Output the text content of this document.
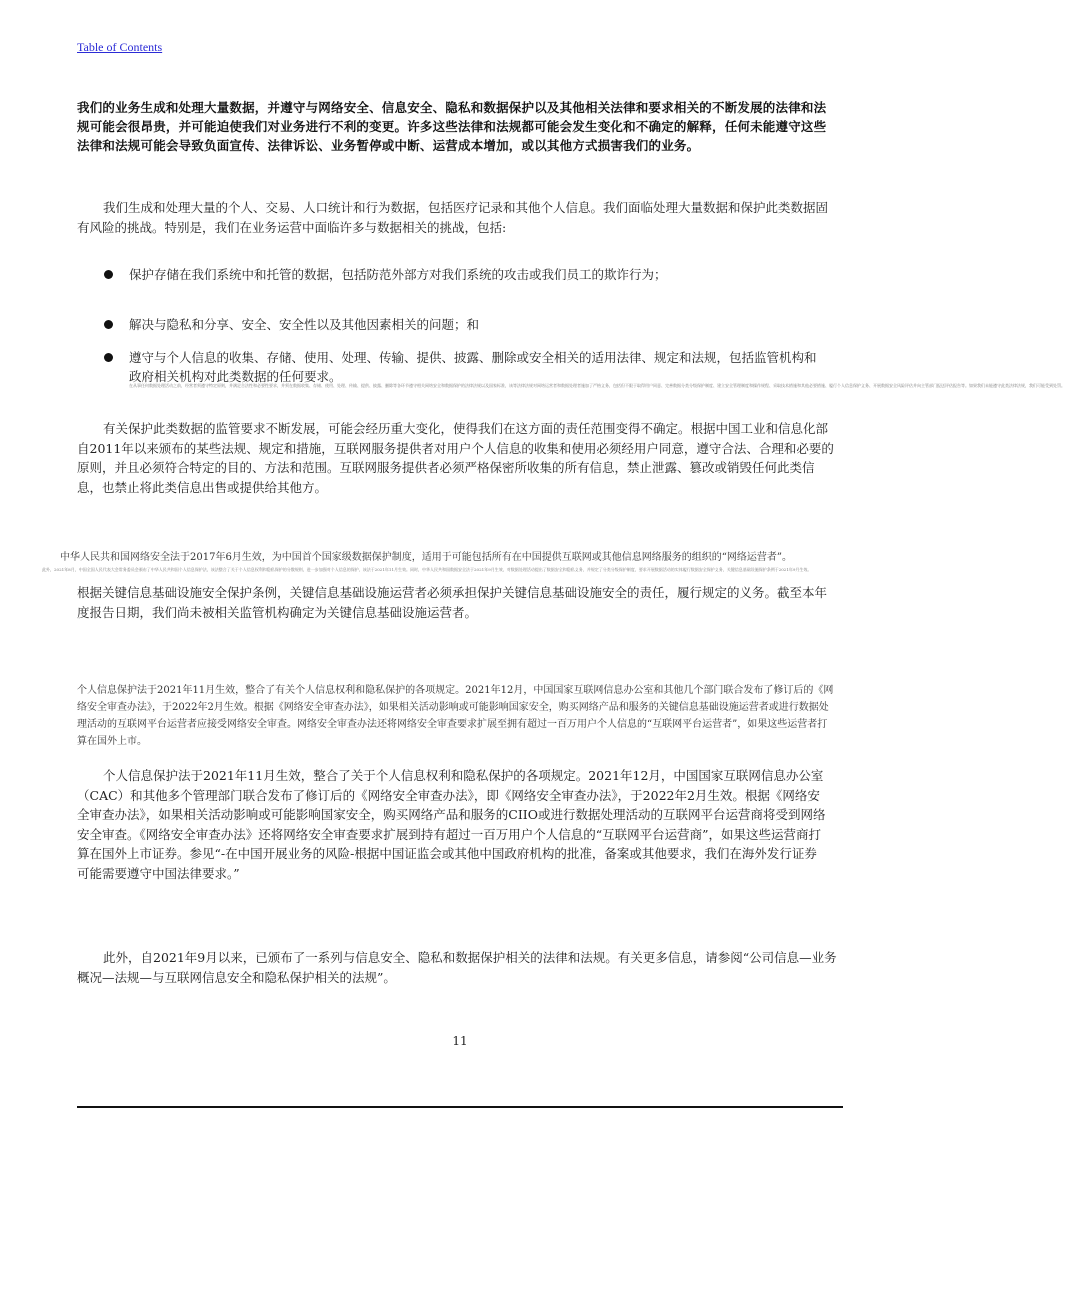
Table of Contents
我们的业务生成和处理大量数据，并遵守与网络安全、信息安全、隐私和数据保护以及其他相关法律和要求相关的不断发展的法律和法规可能会很昂贵，并可能迫使我们对业务进行不利的变更。许多这些法律和法规都可能会发生变化和不确定的解释，任何未能遵守这些法律和法规可能会导致负面宣传、法律诉讼、业务暂停或中断、运营成本增加，或以其他方式损害我们的业务。
我们生成和处理大量的个人、交易、人口统计和行为数据，包括医疗记录和其他个人信息。我们面临处理大量数据和保护此类数据固有风险的挑战。特别是，我们在业务运营中面临许多与数据相关的挑战，包括:
保护存储在我们系统中和托管的数据，包括防范外部方对我们系统的攻击或我们员工的欺诈行为；
解决与隐私和分享、安全、安全性以及其他因素相关的问题；和
遵守与个人信息的收集、存储、使用、处理、传输、提供、披露、删除或安全相关的适用法律、规定和法规，包括监管机构和政府相关机构对此类数据的任何要求。
在从事任何数据处理活动之前，经营者须遵守特定原则，并满足合法性和必要性要求，并须在数据收集、存储、使用、处理、传输、提供、披露、删除等各环节遵守相关网络安全和数据保护的法律法规以及国家标准，该等法律法规对网络运营者和数据处理者施加了严格义务，包括但不限于取得用户同意、完善数据分类分级保护制度、建立安全管理制度和操作规程、采取技术措施和其他必要措施、履行个人信息保护义务、开展数据安全风险评估并向主管部门报送评估报告等。如果我们未能遵守此类法律法规，我们可能受到处罚。
有关保护此类数据的监管要求不断发展，可能会经历重大变化，使得我们在这方面的责任范围变得不确定。根据中国工业和信息化部自2011年以来颁布的某些法规、规定和措施，互联网服务提供者对用户个人信息的收集和使用必须经用户同意，遵守合法、合理和必要的原则，并且必须符合特定的目的、方法和范围。互联网服务提供者必须严格保密所收集的所有信息，禁止泄露、篡改或销毁任何此类信息，也禁止将此类信息出售或提供给其他方。
中华人民共和国网络安全法于2017年6月生效，为中国首个国家级数据保护制度，适用于可能包括所有在中国提供互联网或其他信息网络服务的组织的“网络运营者”。
此外，2021年8月，中国全国人民代表大会常务委员会颁布了中华人民共和国个人信息保护法，该法整合了关于个人信息权利和隐私保护的分散规则，进一步加强对个人信息的保护，该法于2021年11月生效。同时，中华人民共和国数据安全法于2021年9月生效，对数据处理活动提出了数据安全和隐私义务，并规定了分类分级保护制度，要求开展数据活动的实体履行数据安全保护义务，关键信息基础设施保护条例于2021年9月生效。
根据关键信息基础设施安全保护条例，关键信息基础设施运营者必须承担保护关键信息基础设施安全的责任，履行规定的义务。截至本年度报告日期，我们尚未被相关监管机构确定为关键信息基础设施运营者。
个人信息保护法于2021年11月生效，整合了有关个人信息权利和隐私保护的各项规定。2021年12月，中国国家互联网信息办公室和其他几个部门联合发布了修订后的《网络安全审查办法》，于2022年2月生效。根据《网络安全审查办法》，如果相关活动影响或可能影响国家安全，购买网络产品和服务的关键信息基础设施运营者或进行数据处理活动的互联网平台运营者应接受网络安全审查。网络安全审查办法还将网络安全审查要求扩展至拥有超过一百万用户个人信息的“互联网平台运营者”，如果这些运营者打算在国外上市。
个人信息保护法于2021年11月生效，整合了关于个人信息权利和隐私保护的各项规定。2021年12月，中国国家互联网信息办公室（CAC）和其他多个管理部门联合发布了修订后的《网络安全审查办法》，即《网络安全审查办法》，于2022年2月生效。根据《网络安全审查办法》，如果相关活动影响或可能影响国家安全，购买网络产品和服务的CIIO或进行数据处理活动的互联网平台运营商将受到网络安全审查。《网络安全审查办法》还将网络安全审查要求扩展到持有超过一百万用户个人信息的“互联网平台运营商”，如果这些运营商打算在国外上市证券。参见“-在中国开展业务的风险-根据中国证监会或其他中国政府机构的批准，备案或其他要求，我们在海外发行证券可能需要遵守中国法律要求。”
此外，自2021年9月以来，已颁布了一系列与信息安全、隐私和数据保护相关的法律和法规。有关更多信息，请参阅“公司信息—业务概况—法规—与互联网信息安全和隐私保护相关的法规”。
11
